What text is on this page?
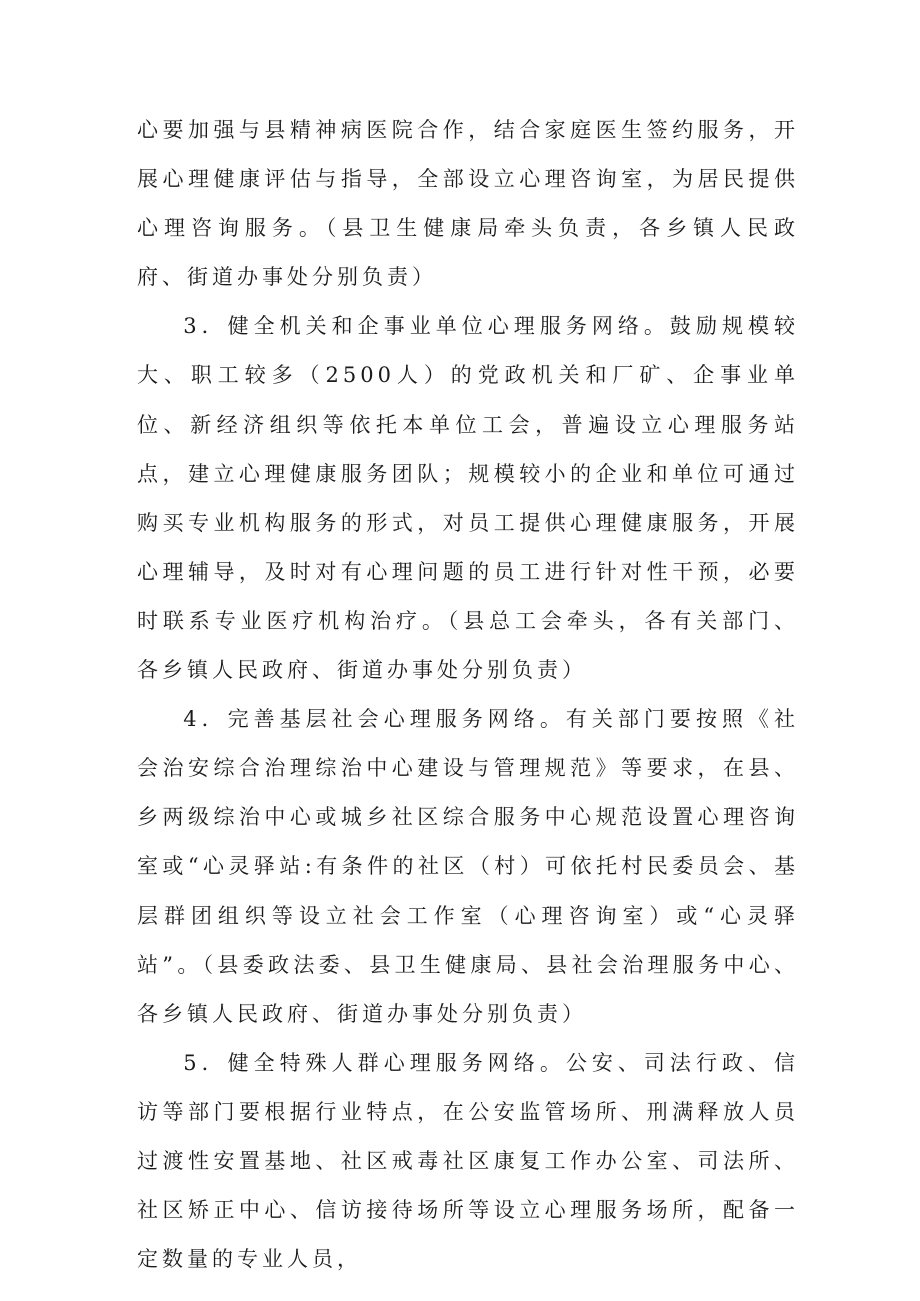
心要加强与县精神病医院合作，结合家庭医生签约服务，开展心理健康评估与指导，全部设立心理咨询室，为居民提供心理咨询服务。（县卫生健康局牵头负责，各乡镇人民政府、街道办事处分别负责）

3．健全机关和企事业单位心理服务网络。鼓励规模较大、职工较多（2500人）的党政机关和厂矿、企事业单位、新经济组织等依托本单位工会，普遍设立心理服务站点，建立心理健康服务团队；规模较小的企业和单位可通过购买专业机构服务的形式，对员工提供心理健康服务，开展心理辅导，及时对有心理问题的员工进行针对性干预，必要时联系专业医疗机构治疗。（县总工会牵头，各有关部门、各乡镇人民政府、街道办事处分别负责）

4．完善基层社会心理服务网络。有关部门要按照《社会治安综合治理综治中心建设与管理规范》等要求，在县、乡两级综治中心或城乡社区综合服务中心规范设置心理咨询室或“心灵驿站:有条件的社区（村）可依托村民委员会、基层群团组织等设立社会工作室（心理咨询室）或“心灵驿站”。（县委政法委、县卫生健康局、县社会治理服务中心、各乡镇人民政府、街道办事处分别负责）

5．健全特殊人群心理服务网络。公安、司法行政、信访等部门要根据行业特点，在公安监管场所、刑满释放人员过渡性安置基地、社区戒毒社区康复工作办公室、司法所、社区矫正中心、信访接待场所等设立心理服务场所，配备一定数量的专业人员，
